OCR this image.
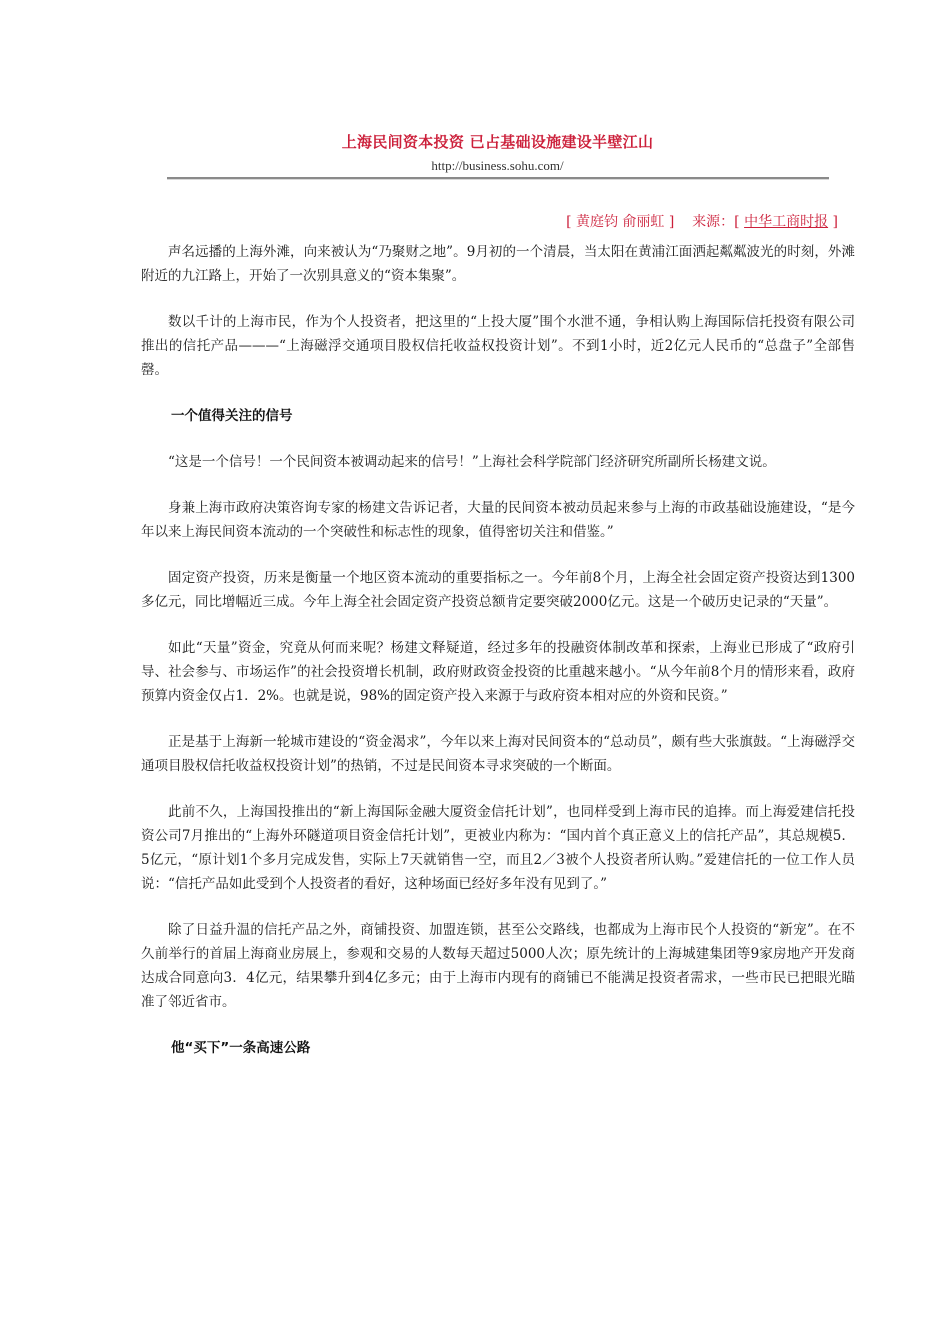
上海民间资本投资 已占基础设施建设半壁江山
http://business.sohu.com/
[ 黄庭钧 俞丽虹 ] 来源：[ 中华工商时报 ]

声名远播的上海外滩，向来被认为“乃聚财之地”。9月初的一个清晨，当太阳在黄浦江面洒起粼粼波光的时刻，外滩附近的九江路上，开始了一次别具意义的“资本集聚”。

数以千计的上海市民，作为个人投资者，把这里的“上投大厦”围个水泄不通，争相认购上海国际信托投资有限公司推出的信托产品———“上海磁浮交通项目股权信托收益权投资计划”。不到1小时，近2亿元人民币的“总盘子”全部售罄。

一个值得关注的信号

“这是一个信号！一个民间资本被调动起来的信号！”上海社会科学院部门经济研究所副所长杨建文说。

身兼上海市政府决策咨询专家的杨建文告诉记者，大量的民间资本被动员起来参与上海的市政基础设施建设，“是今年以来上海民间资本流动的一个突破性和标志性的现象，值得密切关注和借鉴。”

固定资产投资，历来是衡量一个地区资本流动的重要指标之一。今年前8个月，上海全社会固定资产投资达到1300多亿元，同比增幅近三成。今年上海全社会固定资产投资总额肯定要突破2000亿元。这是一个破历史记录的“天量”。

如此“天量”资金，究竟从何而来呢？杨建文释疑道，经过多年的投融资体制改革和探索，上海业已形成了“政府引导、社会参与、市场运作”的社会投资增长机制，政府财政资金投资的比重越来越小。“从今年前8个月的情形来看，政府预算内资金仅占1．2%。也就是说，98%的固定资产投入来源于与政府资本相对应的外资和民资。”

正是基于上海新一轮城市建设的“资金渴求”，今年以来上海对民间资本的“总动员”，颇有些大张旗鼓。“上海磁浮交通项目股权信托收益权投资计划”的热销，不过是民间资本寻求突破的一个断面。

此前不久，上海国投推出的“新上海国际金融大厦资金信托计划”，也同样受到上海市民的追捧。而上海爱建信托投资公司7月推出的“上海外环隧道项目资金信托计划”，更被业内称为：“国内首个真正意义上的信托产品”，其总规模5．5亿元，“原计划1个多月完成发售，实际上7天就销售一空，而且2／3被个人投资者所认购。”爱建信托的一位工作人员说：“信托产品如此受到个人投资者的看好，这种场面已经好多年没有见到了。”

除了日益升温的信托产品之外，商铺投资、加盟连锁，甚至公交路线，也都成为上海市民个人投资的“新宠”。在不久前举行的首届上海商业房展上，参观和交易的人数每天超过5000人次；原先统计的上海城建集团等9家房地产开发商达成合同意向3．4亿元，结果攀升到4亿多元；由于上海市内现有的商铺已不能满足投资者需求，一些市民已把眼光瞄准了邻近省市。

他“买下”一条高速公路
